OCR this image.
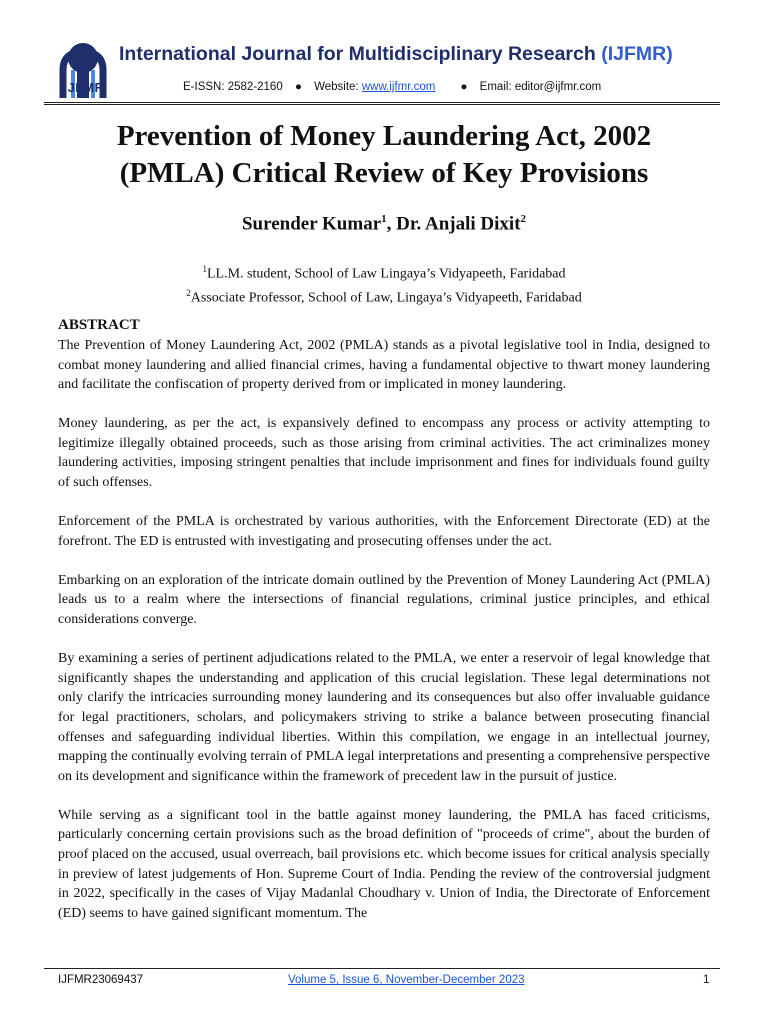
IJFMR
International Journal for Multidisciplinary Research (IJFMR)
E-ISSN: 2582-2160 ● Website: www.ijfmr.com ● Email: editor@ijfmr.com
Prevention of Money Laundering Act, 2002
(PMLA) Critical Review of Key Provisions
Surender Kumar$^1$, Dr. Anjali Dixit$^2$
$^1$LL.M. student, School of Law Lingaya’s Vidyapeeth, Faridabad
$^2$Associate Professor, School of Law, Lingaya’s Vidyapeeth, Faridabad
ABSTRACT

The Prevention of Money Laundering Act, 2002 (PMLA) stands as a pivotal legislative tool in India, designed to combat money laundering and allied financial crimes, having a fundamental objective to thwart money laundering and facilitate the confiscation of property derived from or implicated in money laundering.

Money laundering, as per the act, is expansively defined to encompass any process or activity attempting to legitimize illegally obtained proceeds, such as those arising from criminal activities. The act criminalizes money laundering activities, imposing stringent penalties that include imprisonment and fines for individuals found guilty of such offenses.

Enforcement of the PMLA is orchestrated by various authorities, with the Enforcement Directorate (ED) at the forefront. The ED is entrusted with investigating and prosecuting offenses under the act.

Embarking on an exploration of the intricate domain outlined by the Prevention of Money Laundering Act (PMLA) leads us to a realm where the intersections of financial regulations, criminal justice principles, and ethical considerations converge.

By examining a series of pertinent adjudications related to the PMLA, we enter a reservoir of legal knowledge that significantly shapes the understanding and application of this crucial legislation. These legal determinations not only clarify the intricacies surrounding money laundering and its consequences but also offer invaluable guidance for legal practitioners, scholars, and policymakers striving to strike a balance between prosecuting financial offenses and safeguarding individual liberties. Within this compilation, we engage in an intellectual journey, mapping the continually evolving terrain of PMLA legal interpretations and presenting a comprehensive perspective on its development and significance within the framework of precedent law in the pursuit of justice.

While serving as a significant tool in the battle against money laundering, the PMLA has faced criticisms, particularly concerning certain provisions such as the broad definition of "proceeds of crime", about the burden of proof placed on the accused, usual overreach, bail provisions etc. which become issues for critical analysis specially in preview of latest judgements of Hon. Supreme Court of India. Pending the review of the controversial judgment in 2022, specifically in the cases of Vijay Madanlal Choudhary v. Union of India, the Directorate of Enforcement (ED) seems to have gained significant momentum. The

IJFMR23069437	Volume 5, Issue 6, November-December 2023	1
